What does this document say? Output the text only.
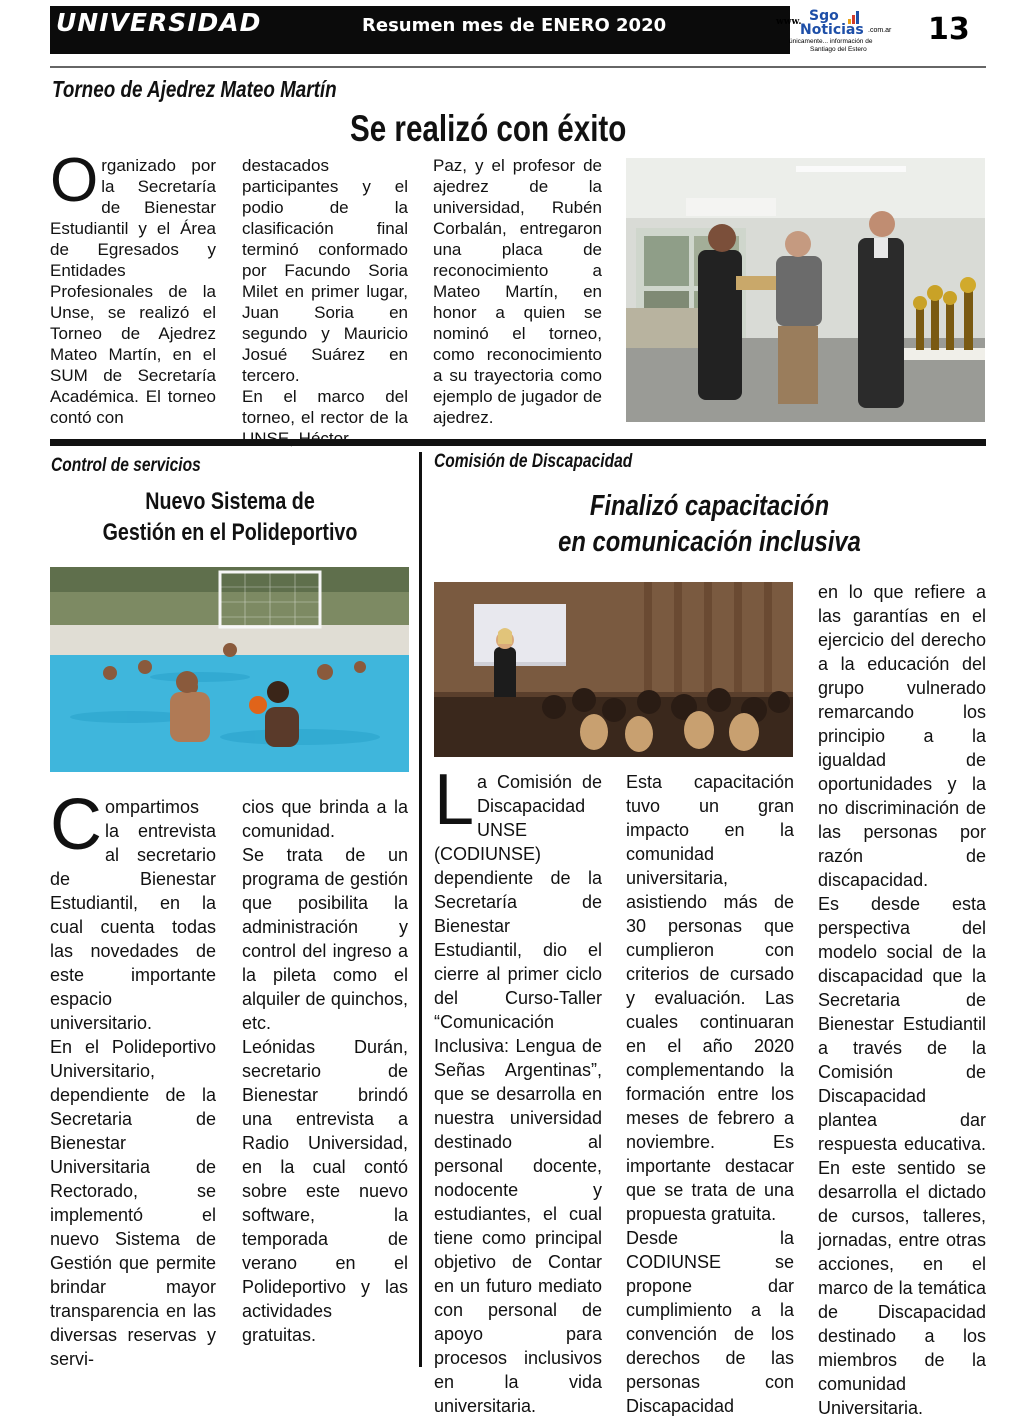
UNIVERSIDAD	Resumen mes de ENERO 2020	www. Sgo
Noticias .com.ar
únicamente... información de
Santiago del Estero
13
Torneo de Ajedrez Mateo Martín
Se realizó con éxito
Organizado por la Secretaría de Bienestar Estudiantil y el Área de Egresados y Entidades Profesionales de la Unse, se realizó el Torneo de Ajedrez Mateo Martín, en el SUM de Secretaría Académica. El torneo contó con

destacados participantes y el podio de la clasificación final terminó conformado por Facundo Soria Milet en primer lugar, Juan Soria en segundo y Mauricio Josué Suárez en tercero.

En el marco del torneo, el rector de la

Paz, y el profesor de ajedrez de la universidad, Rubén Corbalán, entregaron una placa de reconocimiento a Mateo Martín, en honor a quien se nominó el torneo, como reconocimiento a su trayectoria como ejemplo de jugador de ajedrez.

Control de servicios
Nuevo Sistema de
Gestión en el Polideportivo

Compartimos la entrevista al secretario de Bienestar Estudiantil, en la cual cuenta todas las novedades de este importante espacio universitario.

En el Polideportivo Universitario, dependiente de la Secretaria de Bienestar Universitaria de Rectorado, se implementó el nuevo Sistema de Gestión que permite brindar mayor transparencia en las diversas reservas y servi-

cios que brinda a la comunidad.

Se trata de un programa de gestión que posibilita la administración y control del ingreso a la pileta como el alquiler de quinchos, etc.

Leónidas Durán, secretario de Bienestar brindó una entrevista a Radio Universidad, en la cual contó sobre este nuevo software, la temporada de verano en el Polideportivo y las actividades gratuitas.

Comisión de Discapacidad
Finalizó capacitación
en comunicación inclusiva
La Comisión de Discapacidad UNSE (CODIUNSE) dependiente de la Secretaría de Bienestar Estudiantil, dio el cierre al primer ciclo del Curso-Taller “Comunicación Inclusiva: Lengua de Señas Argentinas”, que se desarrolla en nuestra universidad destinado al personal docente, nodocente y estudiantes, el cual tiene como principal objetivo de Contar en un futuro mediato con personal de apoyo para procesos inclusivos en la vida universitaria.

Esta capacitación tuvo un gran impacto en la comunidad universitaria, asistiendo más de 30 personas que cumplieron con criterios de cursado y evaluación. Las cuales continuaran en el año 2020 complementando la formación entre los meses de febrero a noviembre. Es importante destacar que se trata de una propuesta gratuita.

Desde la CODIUNSE se propone dar cumplimiento a la convención de los derechos de las personas con Discapacidad

en lo que refiere a las garantías en el ejercicio del derecho a la educación del grupo vulnerado remarcando los principio a la igualdad de oportunidades y la no discriminación de las personas por razón de discapacidad.

Es desde esta perspectiva del modelo social de la discapacidad que la Secretaria de Bienestar Estudiantil a través de la Comisión de Discapacidad plantea dar respuesta educativa. En este sentido se desarrolla el dictado de cursos, talleres, jornadas, entre otras acciones, en el marco de la temática de Discapacidad destinado a los miembros de la comunidad Universitaria.
